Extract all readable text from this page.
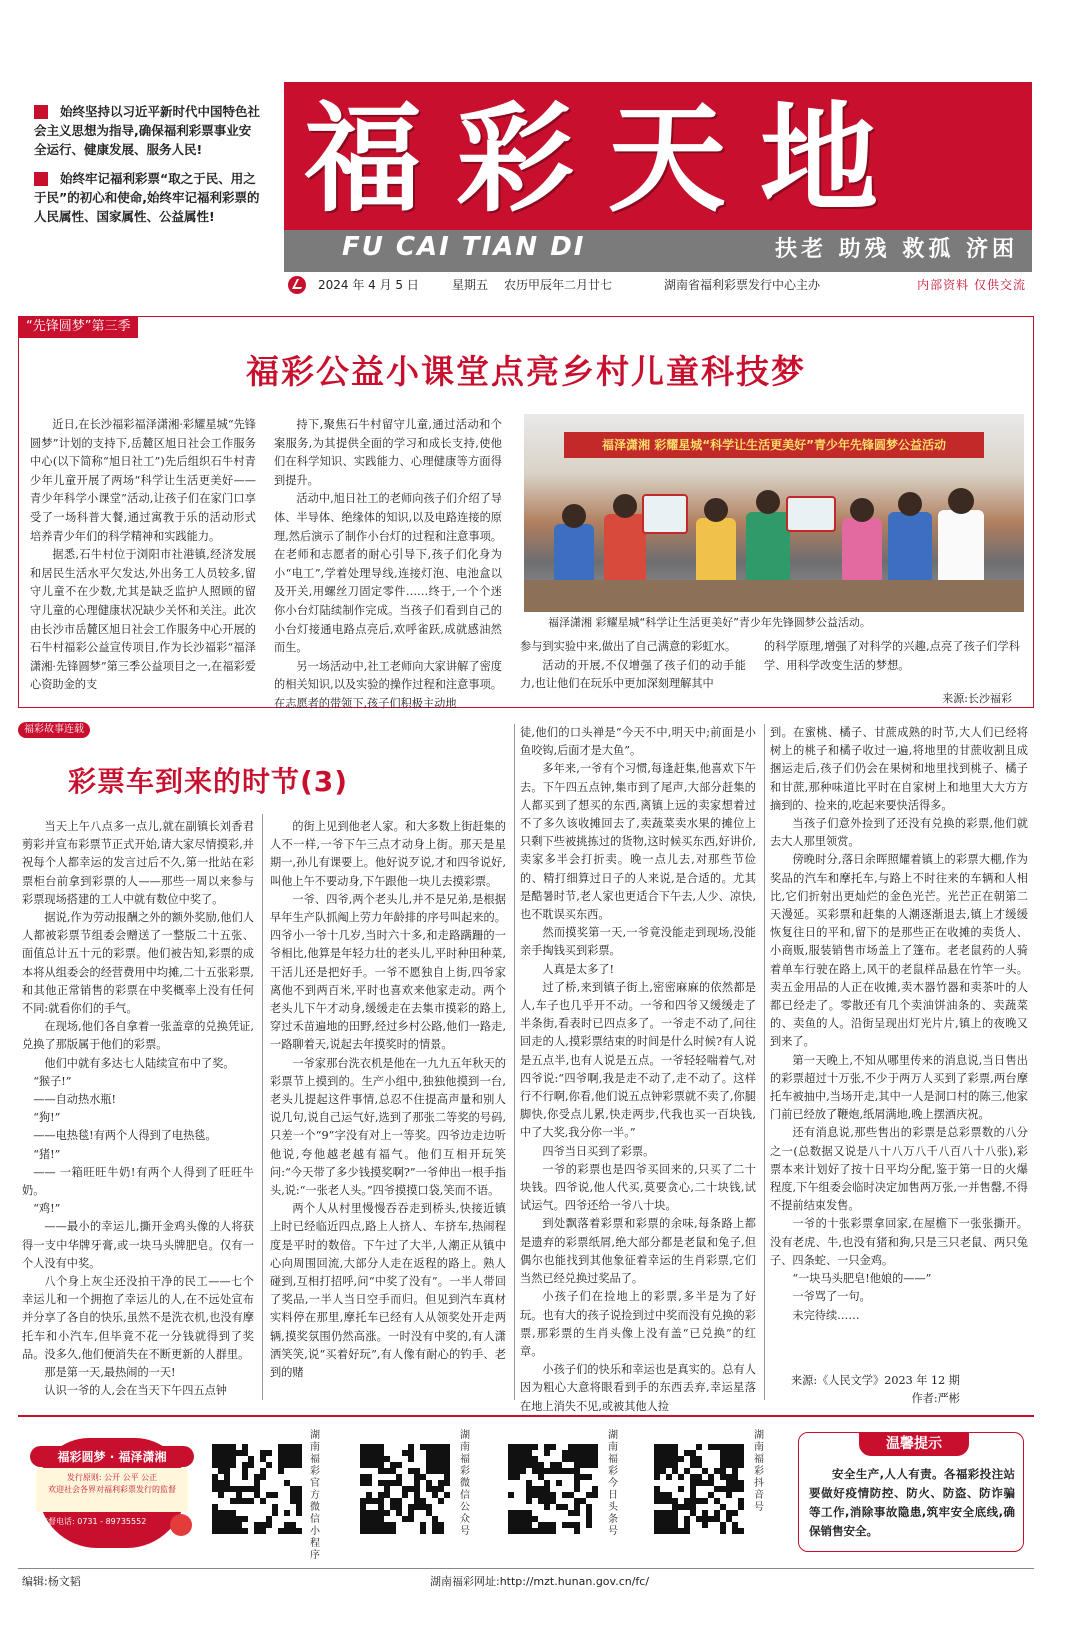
始终坚持以习近平新时代中国特色社会主义思想为指导,确保福利彩票事业安全运行、健康发展、服务人民!
始终牢记福利彩票“取之于民、用之于民”的初心和使命,始终牢记福利彩票的人民属性、国家属性、公益属性! 福彩天地
FU CAI TIAN DI	扶老 助残 救孤 济困
2024 年 4 月 5 日	星期五 农历甲辰年二月廿七	湖南省福利彩票发行中心主办	内部资料 仅供交流
“先锋圆梦”第三季
福彩公益小课堂点亮乡村儿童科技梦

近日,在长沙福彩福泽潇湘·彩耀星城“先锋圆梦”计划的支持下,岳麓区旭日社会工作服务中心(以下简称“旭日社工”)先后组织石牛村青少年儿童开展了两场“科学让生活更美好——青少年科学小课堂”活动,让孩子们在家门口享受了一场科普大餐,通过寓教于乐的活动形式培养青少年们的科学精神和实践能力。

据悉,石牛村位于浏阳市社港镇,经济发展和居民生活水平欠发达,外出务工人员较多,留守儿童不在少数,尤其是缺乏监护人照顾的留守儿童的心理健康状况缺少关怀和关注。此次由长沙市岳麓区旭日社会工作服务中心开展的石牛村福彩公益宣传项目,作为长沙福彩“福泽潇湘·先锋圆梦”第三季公益项目之一,在福彩爱心资助金的支

持下,聚焦石牛村留守儿童,通过活动和个案服务,为其提供全面的学习和成长支持,使他们在科学知识、实践能力、心理健康等方面得到提升。

活动中,旭日社工的老师向孩子们介绍了导体、半导体、绝缘体的知识,以及电路连接的原理,然后演示了制作小台灯的过程和注意事项。在老师和志愿者的耐心引导下,孩子们化身为小“电工”,学着处理导线,连接灯泡、电池盒以及开关,用螺丝刀固定零件……终于,一个个迷你小台灯陆续制作完成。当孩子们看到自己的小台灯接通电路点亮后,欢呼雀跃,成就感油然而生。

另一场活动中,社工老师向大家讲解了密度的相关知识,以及实验的操作过程和注意事项。在志愿者的带领下,孩子们积极主动地

福泽潇湘 彩耀星城“科学让生活更美好”青少年先锋圆梦公益活动
福泽潇湘 彩耀星城“科学让生活更美好”青少年先锋圆梦公益活动。

参与到实验中来,做出了自己满意的彩虹水。

活动的开展,不仅增强了孩子们的动手能力,也让他们在玩乐中更加深刻理解其中

的科学原理,增强了对科学的兴趣,点亮了孩子们学科学、用科学改变生活的梦想。

来源:长沙福彩
福彩故事连载
彩票车到来的时节(3)

当天上午八点多一点儿,就在副镇长刘香君剪彩并宣布彩票节正式开始,请大家尽情摸彩,并祝每个人都幸运的发言过后不久,第一批站在彩票柜台前拿到彩票的人——那些一周以来参与彩票现场搭建的工人中就有数位中奖了。

据说,作为劳动报酬之外的额外奖励,他们人人都被彩票节组委会赠送了一整版二十五张、面值总计五十元的彩票。他们被告知,彩票的成本将从组委会的经营费用中均摊,二十五张彩票,和其他正常销售的彩票在中奖概率上没有任何不同:就看你们的手气。

在现场,他们各自拿着一张盖章的兑换凭证,兑换了那版属于他们的彩票。

他们中就有多达七人陆续宣布中了奖。

“猴子!”

——自动热水瓶!

“狗!”

——电热毯!有两个人得到了电热毯。

“猪!”

—— 一箱旺旺牛奶!有两个人得到了旺旺牛奶。

“鸡!”

——最小的幸运儿,撕开金鸡头像的人将获得一支中华牌牙膏,或一块马头牌肥皂。仅有一个人没有中奖。

八个身上灰尘还没拍干净的民工——七个幸运儿和一个拥抱了幸运儿的人,在不远处宣布并分享了各自的快乐,虽然不是洗衣机,也没有摩托车和小汽车,但毕竟不花一分钱就得到了奖品。没多久,他们便消失在不断更新的人群里。

那是第一天,最热闹的一天!

认识一爷的人,会在当天下午四五点钟

的街上见到他老人家。和大多数上街赶集的人不一样,一爷下午三点才动身上街。那天是星期一,孙儿有课要上。他好说歹说,才和四爷说好,叫他上午不要动身,下午跟他一块儿去摸彩票。

一爷、四爷,两个老头儿,并不是兄弟,是根据早年生产队抓阄上劳力年龄排的序号叫起来的。四爷小一爷十几岁,当时六十多,和走路蹒跚的一爷相比,他算是年轻力壮的老头儿,平时种田种菜,干活儿还是把好手。一爷不愿独自上街,四爷家离他不到两百米,平时也喜欢来他家走动。两个老头儿下午才动身,缓缓走在去集市摸彩的路上,穿过禾苗遍地的田野,经过乡村公路,他们一路走,一路聊着天,说起去年摸奖时的情景。

一爷家那台洗衣机是他在一九九五年秋天的彩票节上摸到的。生产小组中,独独他摸到一台,老头儿提起这件事情,总忍不住提高声量和别人说几句,说自己运气好,选到了那张二等奖的号码,只差一个“9”字没有对上一等奖。四爷边走边听他说,夸他越老越有福气。他们互相开玩笑问:“今天带了多少钱摸奖啊?”一爷伸出一根手指头,说:“一张老人头。”四爷摸摸口袋,笑而不语。

两个人从村里慢慢吞吞走到桥头,快接近镇上时已经临近四点,路上人挤人、车挤车,热闹程度是平时的数倍。下午过了大半,人潮正从镇中心向周围回流,大部分人走在返程的路上。熟人碰到,互相打招呼,问“中奖了没有”。一半人带回了奖品,一半人当日空手而归。但见到汽车真材实料停在那里,摩托车已经有人从领奖处开走两辆,摸奖氛围仍然高涨。一时没有中奖的,有人潇洒笑笑,说“买着好玩”,有人像有耐心的钓手、老到的赌

徒,他们的口头禅是“今天不中,明天中;前面是小鱼咬钩,后面才是大鱼”。

多年来,一爷有个习惯,每逢赶集,他喜欢下午去。下午四五点钟,集市到了尾声,大部分赶集的人都买到了想买的东西,离镇上远的卖家想着过不了多久该收摊回去了,卖蔬菜卖水果的摊位上只剩下些被挑拣过的货物,这时候买东西,好讲价,卖家多半会打折卖。晚一点儿去,对那些节俭的、精打细算过日子的人来说,是合适的。尤其是酷暑时节,老人家也更适合下午去,人少、凉快,也不耽误买东西。

然而摸奖第一天,一爷竟没能走到现场,没能亲手掏钱买到彩票。

人真是太多了!

过了桥,来到镇子街上,密密麻麻的依然都是人,车子也几乎开不动。一爷和四爷又缓缓走了半条街,看表时已四点多了。一爷走不动了,问往回走的人,摸彩票结束的时间是什么时候?有人说是五点半,也有人说是五点。一爷轻轻喘着气,对四爷说:“四爷啊,我是走不动了,走不动了。这样行不行啊,你看,他们说五点钟彩票就不卖了,你腿脚快,你受点儿累,快走两步,代我也买一百块钱,中了大奖,我分你一半。”

四爷当日买到了彩票。

一爷的彩票也是四爷买回来的,只买了二十块钱。四爷说,他人代买,莫要贪心,二十块钱,试试运气。四爷还给一爷八十块。

到处飘落着彩票和彩票的余味,每条路上都是遗弃的彩票纸屑,绝大部分都是老鼠和兔子,但偶尔也能找到其他象征着幸运的生肖彩票,它们当然已经兑换过奖品了。

小孩子们在捡地上的彩票,多半是为了好玩。也有大的孩子说捡到过中奖而没有兑换的彩票,那彩票的生肖头像上没有盖“已兑换”的红章。

小孩子们的快乐和幸运也是真实的。总有人因为粗心大意将眼看到手的东西丢弃,幸运星落在地上消失不见,或被其他人捡

到。在蜜桃、橘子、甘蔗成熟的时节,大人们已经将树上的桃子和橘子收过一遍,将地里的甘蔗收割且成捆运走后,孩子们仍会在果树和地里找到桃子、橘子和甘蔗,那种味道比平时在自家树上和地里大大方方摘到的、捡来的,吃起来要快活得多。

当孩子们意外捡到了还没有兑换的彩票,他们就去大人那里领赏。

傍晚时分,落日余晖照耀着镇上的彩票大棚,作为奖品的汽车和摩托车,与路上不时往来的车辆和人相比,它们折射出更灿烂的金色光芒。光芒正在朝第二天漫延。买彩票和赶集的人潮逐渐退去,镇上才缓缓恢复往日的平和,留下的是那些正在收摊的卖货人、小商贩,服装销售市场盖上了篷布。老老鼠药的人骑着单车行驶在路上,风干的老鼠样品悬在竹竿一头。卖五金用品的人正在收摊,卖木器竹器和卖茶叶的人都已经走了。零散还有几个卖油饼油条的、卖蔬菜的、卖鱼的人。沿街呈现出灯光片片,镇上的夜晚又到来了。

第一天晚上,不知从哪里传来的消息说,当日售出的彩票超过十万张,不少于两万人买到了彩票,两台摩托车被抽中,当场开走,其中一人是洞口村的陈三,他家门前已经放了鞭炮,纸屑满地,晚上摆酒庆祝。

还有消息说,那些售出的彩票是总彩票数的八分之一(总数据又说是八十八万八千八百八十八张),彩票本来计划好了按十日平均分配,鉴于第一日的火爆程度,下午组委会临时决定加售两万张,一并售罄,不得不提前结束发售。

一爷的十张彩票拿回家,在屋檐下一张张撕开。没有老虎、牛,也没有猪和狗,只是三只老鼠、两只兔子、四条蛇、一只金鸡。

“一块马头肥皂!他娘的——”

一爷骂了一句。

未完待续……

来源:《人民文学》2023 年 12 期

作者:严彬

福彩圆梦 · 福泽潇湘
发行原则: 公开 公平 公正
欢迎社会各界对福利彩票发行的监督
监督电话: 0731 - 89735552
湖南福彩官方微信小程序
湖南福彩微信公众号
湖南福彩今日头条号
湖南福彩抖音号
温馨提示
安全生产,人人有责。各福彩投注站要做好疫情防控、防火、防盗、防诈骗等工作,消除事故隐患,筑牢安全底线,确保销售安全。
编辑:杨文韬	湖南福彩网址:http://mzt.hunan.gov.cn/fc/
